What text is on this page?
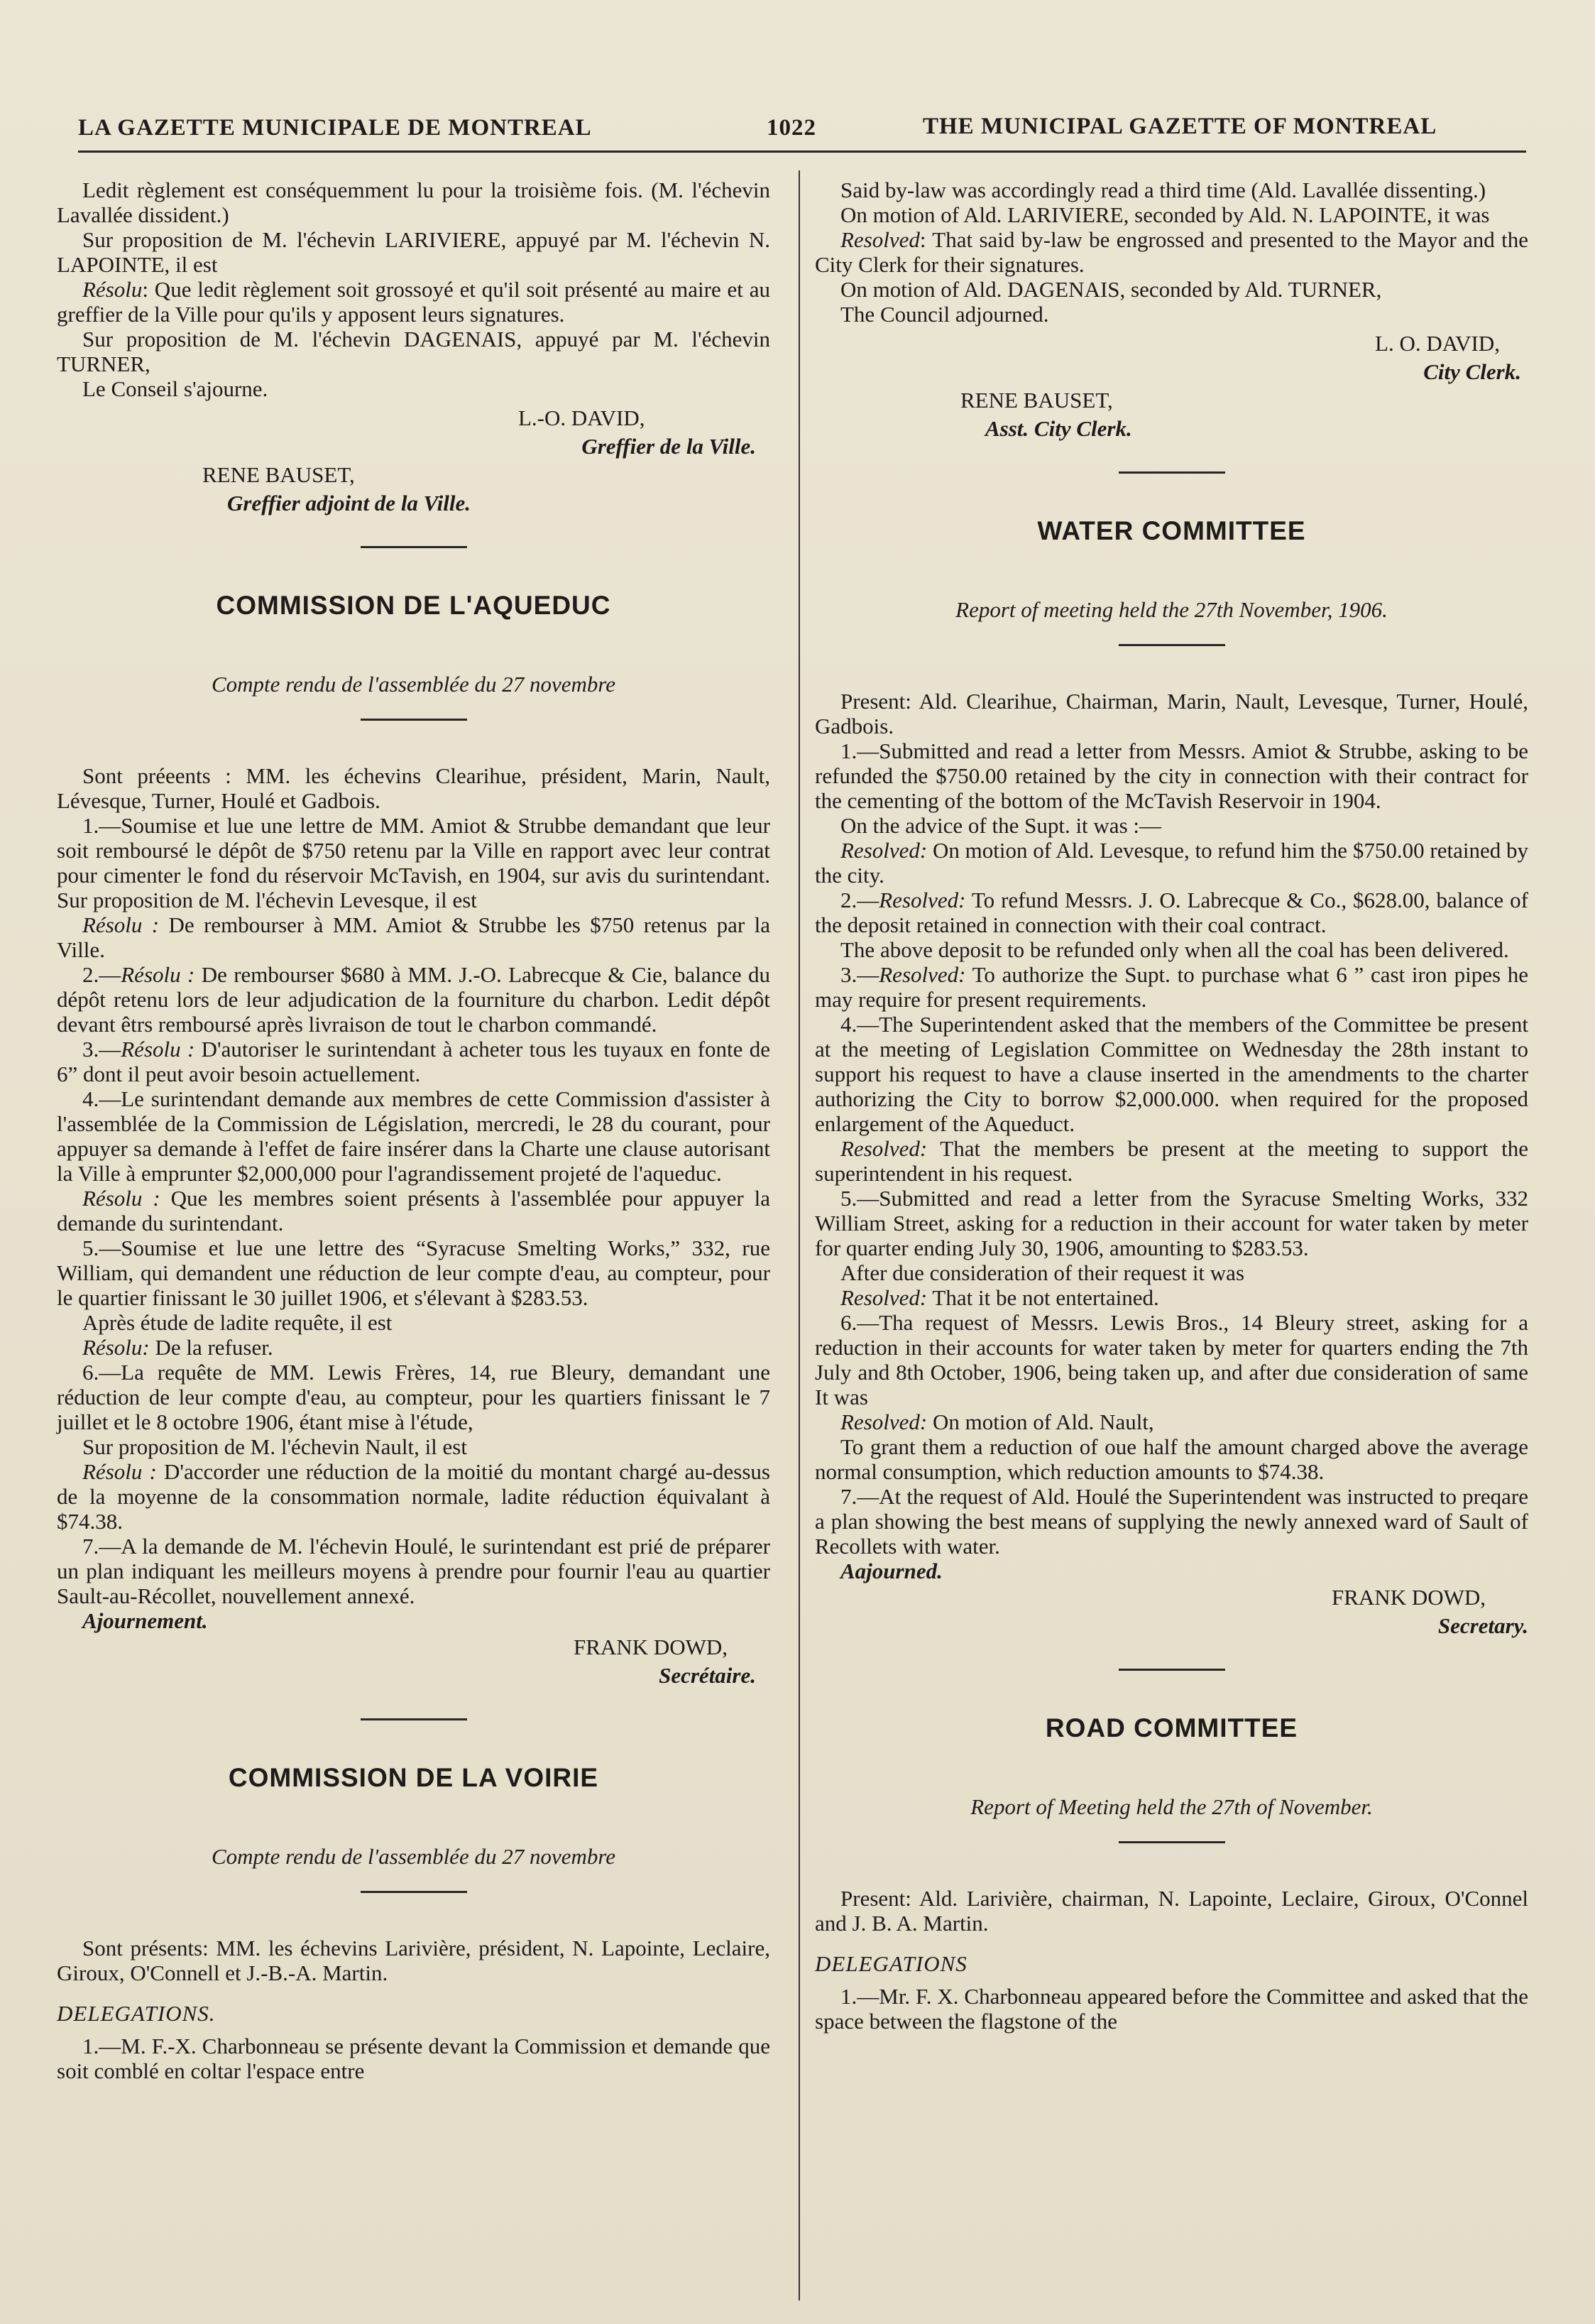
LA GAZETTE MUNICIPALE DE MONTREAL	1022	THE MUNICIPAL GAZETTE OF MONTREAL

Ledit règlement est conséquemment lu pour la troisième fois. (M. l'échevin Lavallée dissident.)

Sur proposition de M. l'échevin LARIVIERE, appuyé par M. l'échevin N. LAPOINTE, il est

Résolu: Que ledit règlement soit grossoyé et qu'il soit présenté au maire et au greffier de la Ville pour qu'ils y apposent leurs signatures.

Sur proposition de M. l'échevin DAGENAIS, appuyé par M. l'échevin TURNER,

Le Conseil s'ajourne.

L.-O. DAVID,
Greffier de la Ville.
RENE BAUSET,
Greffier adjoint de la Ville.
COMMISSION DE L'AQUEDUC
Compte rendu de l'assemblée du 27 novembre

Sont préeents : MM. les échevins Clearihue, président, Marin, Nault, Lévesque, Turner, Houlé et Gadbois.

1.—Soumise et lue une lettre de MM. Amiot & Strubbe demandant que leur soit remboursé le dépôt de $750 retenu par la Ville en rapport avec leur contrat pour cimenter le fond du réservoir McTavish, en 1904, sur avis du surintendant. Sur proposition de M. l'échevin Levesque, il est

Résolu : De rembourser à MM. Amiot & Strubbe les $750 retenus par la Ville.

2.—Résolu : De rembourser $680 à MM. J.-O. Labrecque & Cie, balance du dépôt retenu lors de leur adjudication de la fourniture du charbon. Ledit dépôt devant êtrs remboursé après livraison de tout le charbon commandé.

3.—Résolu : D'autoriser le surintendant à acheter tous les tuyaux en fonte de 6” dont il peut avoir besoin actuellement.

4.—Le surintendant demande aux membres de cette Commission d'assister à l'assemblée de la Commission de Législation, mercredi, le 28 du courant, pour appuyer sa demande à l'effet de faire insérer dans la Charte une clause autorisant la Ville à emprunter $2,000,000 pour l'agrandissement projeté de l'aqueduc.

Résolu : Que les membres soient présents à l'assemblée pour appuyer la demande du surintendant.

5.—Soumise et lue une lettre des “Syracuse Smelting Works,” 332, rue William, qui demandent une réduction de leur compte d'eau, au compteur, pour le quartier finissant le 30 juillet 1906, et s'élevant à $283.53.

Après étude de ladite requête, il est

Résolu: De la refuser.

6.—La requête de MM. Lewis Frères, 14, rue Bleury, demandant une réduction de leur compte d'eau, au compteur, pour les quartiers finissant le 7 juillet et le 8 octobre 1906, étant mise à l'étude,

Sur proposition de M. l'échevin Nault, il est

Résolu : D'accorder une réduction de la moitié du montant chargé au-dessus de la moyenne de la consommation normale, ladite réduction équivalant à $74.38.

7.—A la demande de M. l'échevin Houlé, le surintendant est prié de préparer un plan indiquant les meilleurs moyens à prendre pour fournir l'eau au quartier Sault-au-Récollet, nouvellement annexé.

Ajournement.

FRANK DOWD,
Secrétaire.
COMMISSION DE LA VOIRIE
Compte rendu de l'assemblée du 27 novembre

Sont présents: MM. les échevins Larivière, président, N. Lapointe, Leclaire, Giroux, O'Connell et J.-B.-A. Martin.

DELEGATIONS.

1.—M. F.-X. Charbonneau se présente devant la Commission et demande que soit comblé en coltar l'espace entre

Said by-law was accordingly read a third time (Ald. Lavallée dissenting.)

On motion of Ald. LARIVIERE, seconded by Ald. N. LAPOINTE, it was

Resolved: That said by-law be engrossed and presented to the Mayor and the City Clerk for their signatures.

On motion of Ald. DAGENAIS, seconded by Ald. TURNER,

The Council adjourned.

L. O. DAVID,
City Clerk.
RENE BAUSET,
Asst. City Clerk.
WATER COMMITTEE
Report of meeting held the 27th November, 1906.

Present: Ald. Clearihue, Chairman, Marin, Nault, Levesque, Turner, Houlé, Gadbois.

1.—Submitted and read a letter from Messrs. Amiot & Strubbe, asking to be refunded the $750.00 retained by the city in connection with their contract for the cementing of the bottom of the McTavish Reservoir in 1904.

On the advice of the Supt. it was :—

Resolved: On motion of Ald. Levesque, to refund him the $750.00 retained by the city.

2.—Resolved: To refund Messrs. J. O. Labrecque & Co., $628.00, balance of the deposit retained in connection with their coal contract.

The above deposit to be refunded only when all the coal has been delivered.

3.—Resolved: To authorize the Supt. to purchase what 6 ” cast iron pipes he may require for present requirements.

4.—The Superintendent asked that the members of the Committee be present at the meeting of Legislation Committee on Wednesday the 28th instant to support his request to have a clause inserted in the amendments to the charter authorizing the City to borrow $2,000.000. when required for the proposed enlargement of the Aqueduct.

Resolved: That the members be present at the meeting to support the superintendent in his request.

5.—Submitted and read a letter from the Syracuse Smelting Works, 332 William Street, asking for a reduction in their account for water taken by meter for quarter ending July 30, 1906, amounting to $283.53.

After due consideration of their request it was

Resolved: That it be not entertained.

6.—Tha request of Messrs. Lewis Bros., 14 Bleury street, asking for a reduction in their accounts for water taken by meter for quarters ending the 7th July and 8th October, 1906, being taken up, and after due consideration of same It was

Resolved: On motion of Ald. Nault,

To grant them a reduction of oue half the amount charged above the average normal consumption, which reduction amounts to $74.38.

7.—At the request of Ald. Houlé the Superintendent was instructed to preqare a plan showing the best means of supplying the newly annexed ward of Sault of Recollets with water.

Aajourned.

FRANK DOWD,
Secretary.
ROAD COMMITTEE
Report of Meeting held the 27th of November.

Present: Ald. Larivière, chairman, N. Lapointe, Leclaire, Giroux, O'Connel and J. B. A. Martin.

DELEGATIONS

1.—Mr. F. X. Charbonneau appeared before the Committee and asked that the space between the flagstone of the
